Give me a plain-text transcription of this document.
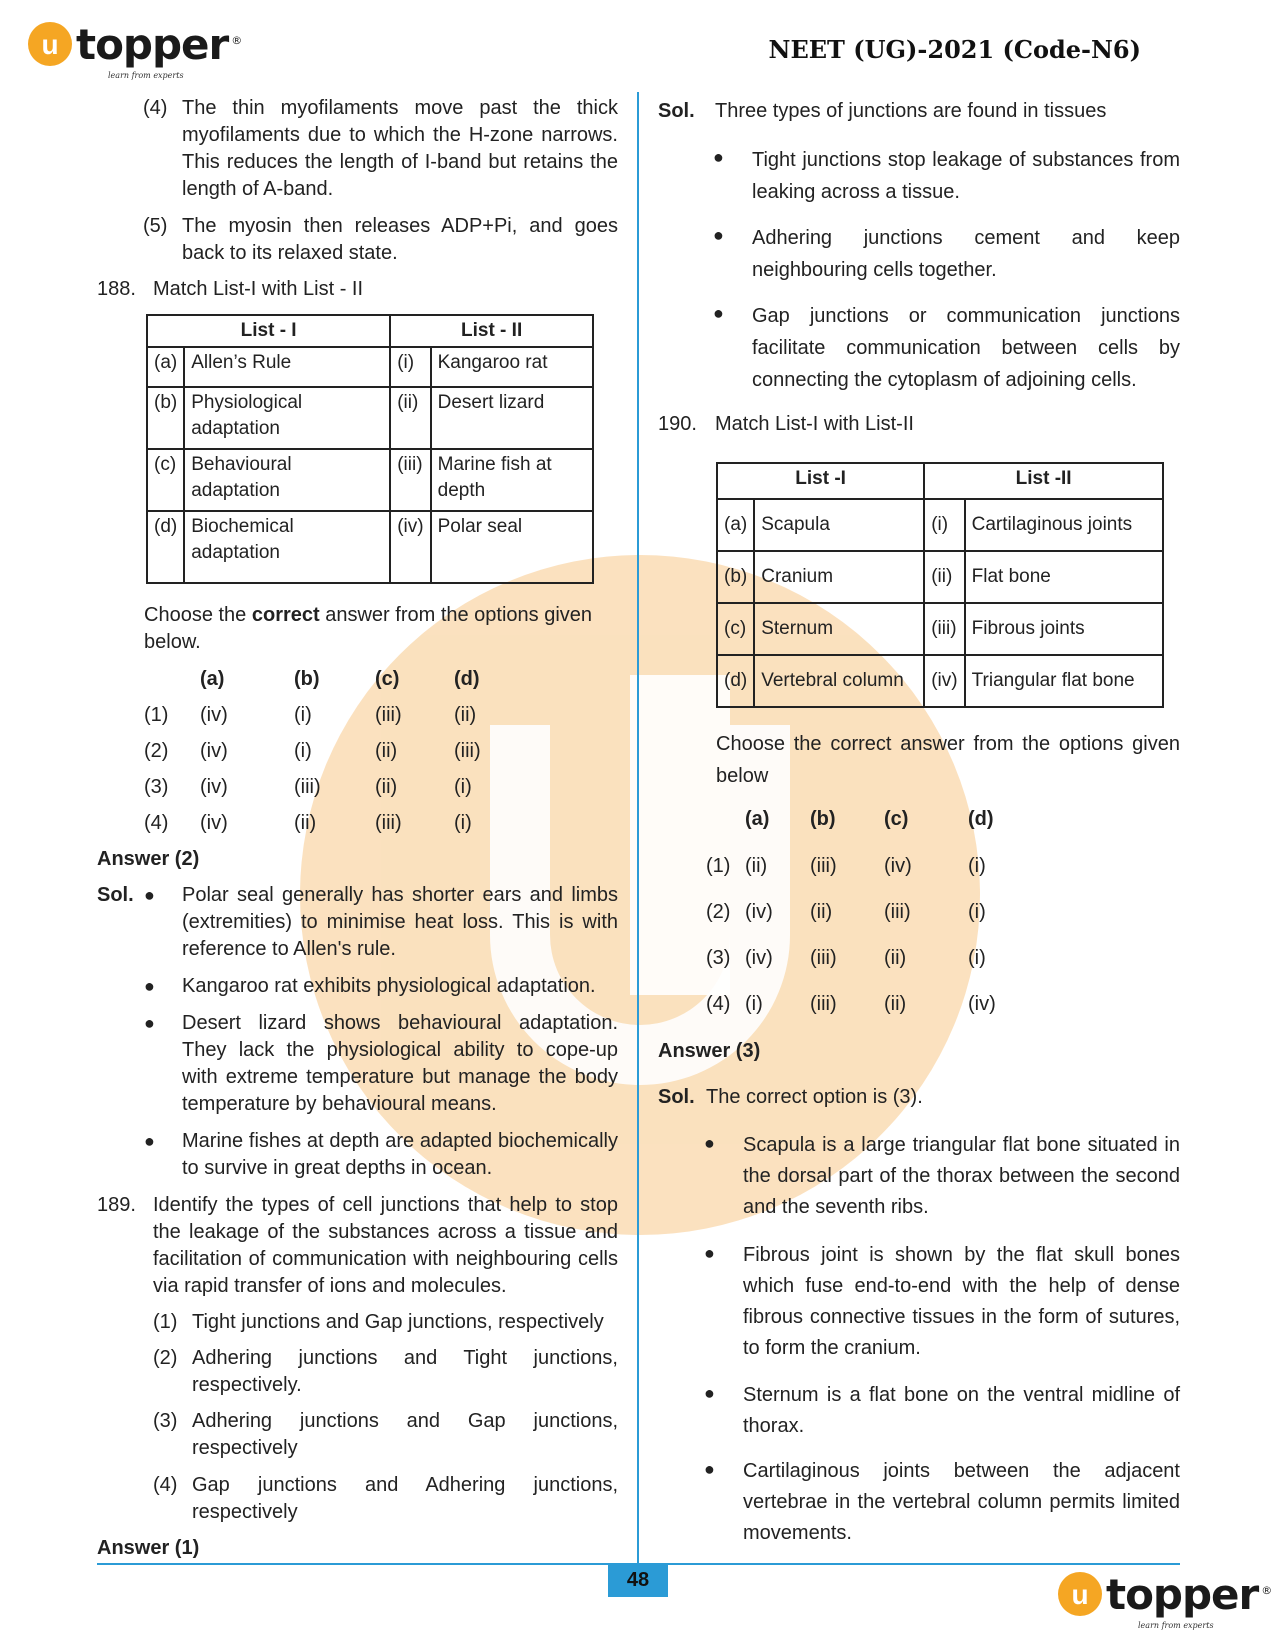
u topper ®
learn from experts
NEET (UG)-2021 (Code-N6)
48	u topper ®
learn from experts
(4) The thin myofilaments move past the thick
myofilaments due to which the H-zone narrows.
This reduces the length of I-band but retains the
length of A-band.
(5) The myosin then releases ADP+Pi, and goes
back to its relaxed state.
188. Match List-I with List - II
List - I		List - II	
(a)	Allen’s Rule	(i)	Kangaroo rat
(b)	Physiological adaptation	(ii)	Desert lizard
(c)	Behavioural adaptation	(iii)	Marine fish at depth
(d)	Biochemical adaptation	(iv)	Polar seal
Choose the correct answer from the options given
below.
(a)	(b)	(c)	(d)
(1) (iv)	(i)	(iii)	(ii)
(2) (iv)	(i)	(ii)	(iii)
(3) (iv)	(iii)	(ii)	(i)
(4) (iv)	(ii)	(iii)	(i)
Answer (2)
Sol. ● Polar seal generally has shorter ears and limbs
(extremities) to minimise heat loss. This is with
reference to Allen's rule.
● Kangaroo rat exhibits physiological adaptation.
● Desert lizard shows behavioural adaptation.
They lack the physiological ability to cope-up
with extreme temperature but manage the body
temperature by behavioural means.
● Marine fishes at depth are adapted biochemically
to survive in great depths in ocean.
189. Identify the types of cell junctions that help to stop
the leakage of the substances across a tissue and
facilitation of communication with neighbouring cells
via rapid transfer of ions and molecules.
(1) Tight junctions and Gap junctions, respectively
(2) Adhering junctions and Tight junctions,
respectively.
(3) Adhering junctions and Gap junctions,
respectively
(4) Gap junctions and Adhering junctions,
respectively
Answer (1)
Sol. Three types of junctions are found in tissues
● Tight junctions stop leakage of substances from
leaking across a tissue.
● Adhering junctions cement and keep
neighbouring cells together.
● Gap junctions or communication junctions
facilitate communication between cells by
connecting the cytoplasm of adjoining cells.
190. Match List-I with List-II
List -I		List -II	
(a)	Scapula	(i)	Cartilaginous joints
(b)	Cranium	(ii)	Flat bone
(c)	Sternum	(iii)	Fibrous joints
(d)	Vertebral column	(iv)	Triangular flat bone
Choose the correct answer from the options given
below
(a) (b) (c)	(d)
(1) (ii) (iii) (iv)	(i)
(2) (iv) (ii)	(iii)	(i)
(3) (iv) (iii) (ii)	(i)
(4) (i) (iii) (ii)	(iv)
Answer (3)
Sol. The correct option is (3).
● Scapula is a large triangular flat bone situated in
the dorsal part of the thorax between the second
and the seventh ribs.
● Fibrous joint is shown by the flat skull bones
which fuse end-to-end with the help of dense
fibrous connective tissues in the form of sutures,
to form the cranium.
● Sternum is a flat bone on the ventral midline of
thorax.
● Cartilaginous joints between the adjacent
vertebrae in the vertebral column permits limited
movements.
